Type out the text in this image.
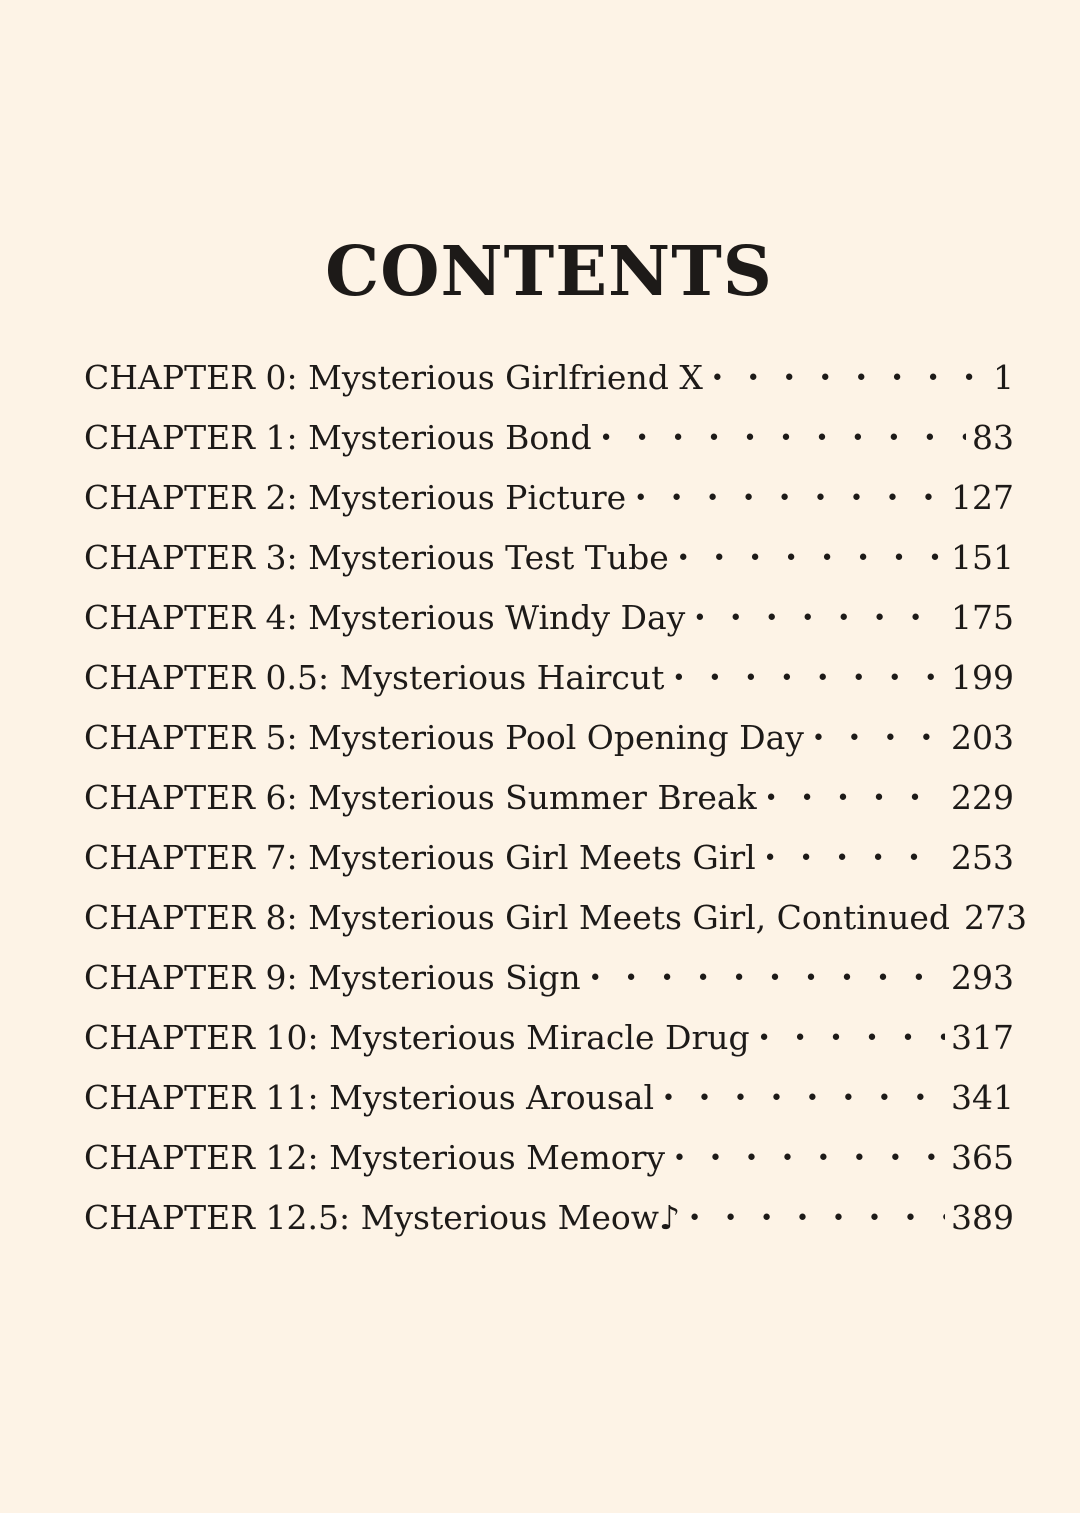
CONTENTS
CHAPTER 0: Mysterious Girlfriend X • • •	1
CHAPTER 1: Mysterious Bond • • •	83
CHAPTER 2: Mysterious Picture • • •	127
CHAPTER 3: Mysterious Test Tube • • •	151
CHAPTER 4: Mysterious Windy Day • • •	175
CHAPTER 0.5: Mysterious Haircut • • •	199
CHAPTER 5: Mysterious Pool Opening Day • • •	203
CHAPTER 6: Mysterious Summer Break • • •	229
CHAPTER 7: Mysterious Girl Meets Girl • • •	253
CHAPTER 8: Mysterious Girl Meets Girl, Continued 273
CHAPTER 9: Mysterious Sign • • •	293
CHAPTER 10: Mysterious Miracle Drug • • •	317
CHAPTER 11: Mysterious Arousal • • •	341
CHAPTER 12: Mysterious Memory • • •	365
CHAPTER 12.5: Mysterious Meow♪ • • •	389
